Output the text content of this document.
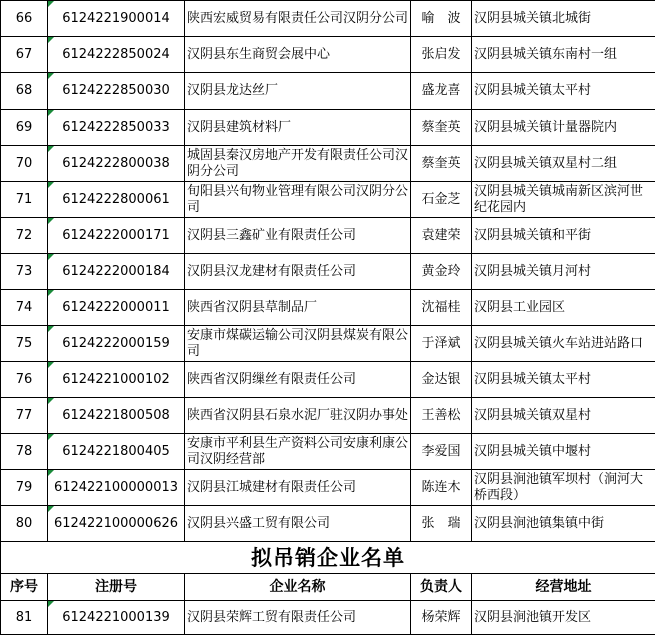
66	6124221900014	陕西宏威贸易有限责任公司汉阴分公司	喻　波	汉阴县城关镇北城街
67	6124222850024	汉阴县东生商贸会展中心	张启发	汉阴县城关镇东南村一组
68	6124222850030	汉阴县龙达丝厂	盛龙喜	汉阴县城关镇太平村
69	6124222850033	汉阴县建筑材料厂	蔡奎英	汉阴县城关镇计量器院内
70	6124222800038	城固县秦汉房地产开发有限责任公司汉阴分公司	蔡奎英	汉阴县城关镇双星村二组
71	6124222800061	旬阳县兴旬物业管理有限公司汉阴分公司	石金芝	汉阴县城关镇城南新区滨河世纪花园内
72	6124222000171	汉阴县三鑫矿业有限责任公司	袁建荣	汉阴县城关镇和平街
73	6124222000184	汉阴县汉龙建材有限责任公司	黄金玲	汉阴县城关镇月河村
74	6124222000011	陕西省汉阴县草制品厂	沈福桂	汉阴县工业园区
75	6124222000159	安康市煤碳运输公司汉阴县煤炭有限公司	于泽斌	汉阴县城关镇火车站进站路口
76	6124221000102	陕西省汉阴缫丝有限责任公司	金达银	汉阴县城关镇太平村
77	6124221800508	陕西省汉阴县石泉水泥厂驻汉阴办事处	王善松	汉阴县城关镇双星村
78	6124221800405	安康市平利县生产资料公司安康利康公司汉阴经营部	李爱国	汉阴县城关镇中堰村
79	612422100000013	汉阴县江城建材有限责任公司	陈连木	汉阴县涧池镇军坝村（涧河大桥西段）
80	612422100000626	汉阴县兴盛工贸有限公司	张　瑞	汉阴县涧池镇集镇中街
拟吊销企业名单				
序号	注册号	企业名称	负责人	经营地址
81	6124221000139	汉阴县荣辉工贸有限责任公司	杨荣辉	汉阴县涧池镇开发区
